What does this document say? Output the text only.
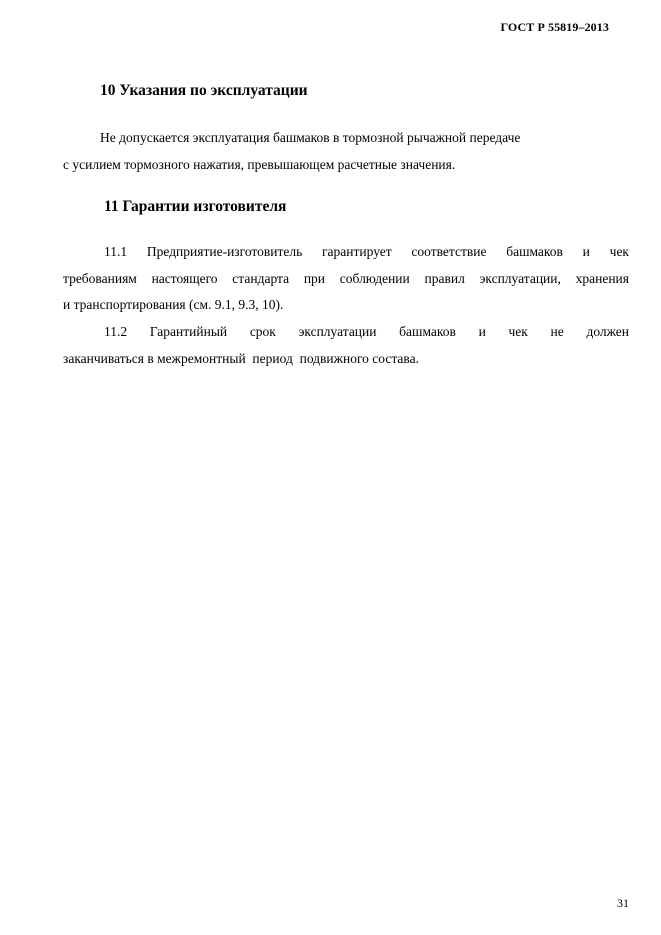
ГОСТ Р 55819–2013
10 Указания по эксплуатации
Не допускается эксплуатация башмаков в тормозной рычажной передаче
с усилием тормозного нажатия, превышающем расчетные значения.
11 Гарантии изготовителя
11.1 Предприятие-изготовитель гарантирует соответствие башмаков и чек
требованиям настоящего стандарта при соблюдении правил эксплуатации, хранения
и транспортирования (см. 9.1, 9.3, 10).
11.2 Гарантийный срок эксплуатации башмаков и чек не должен
заканчиваться в межремонтный  период  подвижного состава.
31
